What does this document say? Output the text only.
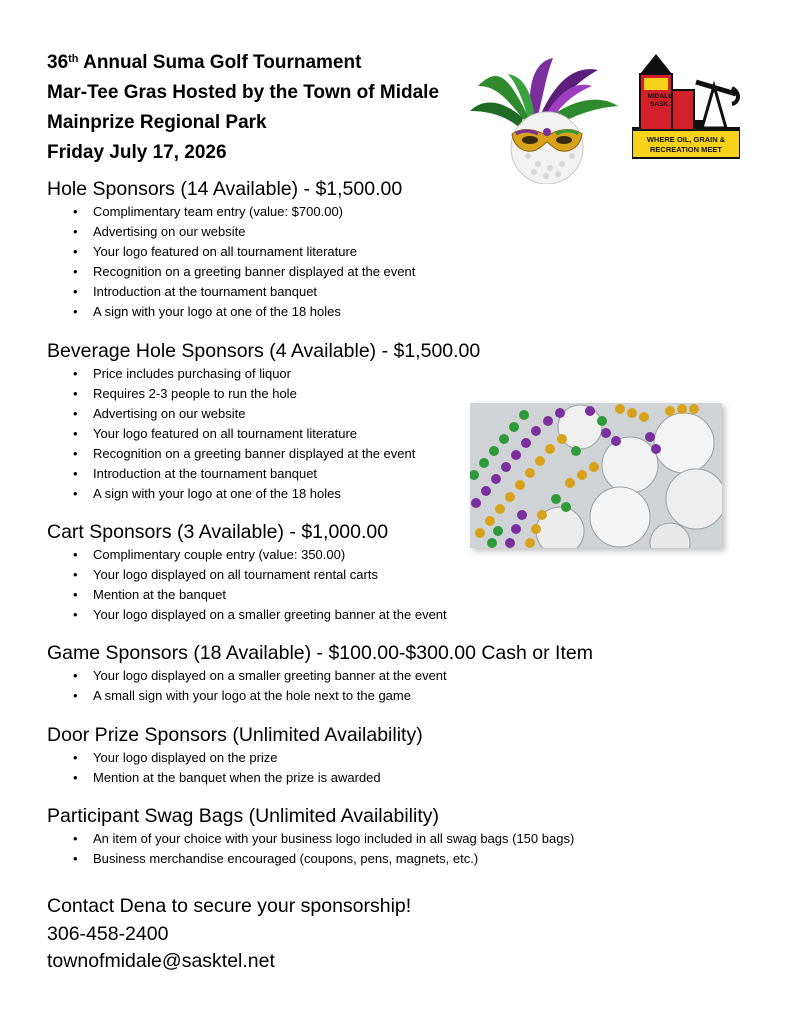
36th Annual Suma Golf Tournament
Mar-Tee Gras Hosted by the Town of Midale
Mainprize Regional Park
Friday July 17, 2026
MIDALE
SASK.
WHERE OIL, GRAIN &
RECREATION MEET
Hole Sponsors (14 Available) - $1,500.00
• Complimentary team entry (value: $700.00)
• Advertising on our website
• Your logo featured on all tournament literature
• Recognition on a greeting banner displayed at the event
• Introduction at the tournament banquet
• A sign with your logo at one of the 18 holes
Beverage Hole Sponsors (4 Available) - $1,500.00
• Price includes purchasing of liquor
• Requires 2-3 people to run the hole
• Advertising on our website
• Your logo featured on all tournament literature
• Recognition on a greeting banner displayed at the event
• Introduction at the tournament banquet
• A sign with your logo at one of the 18 holes
Cart Sponsors (3 Available) - $1,000.00
• Complimentary couple entry (value: 350.00)
• Your logo displayed on all tournament rental carts
• Mention at the banquet
• Your logo displayed on a smaller greeting banner at the event
Game Sponsors (18 Available) - $100.00-$300.00 Cash or Item
• Your logo displayed on a smaller greeting banner at the event
• A small sign with your logo at the hole next to the game
Door Prize Sponsors (Unlimited Availability)
• Your logo displayed on the prize
• Mention at the banquet when the prize is awarded
Participant Swag Bags (Unlimited Availability)
• An item of your choice with your business logo included in all swag bags (150 bags)
• Business merchandise encouraged (coupons, pens, magnets, etc.)
Contact Dena to secure your sponsorship!
306-458-2400
townofmidale@sasktel.net
